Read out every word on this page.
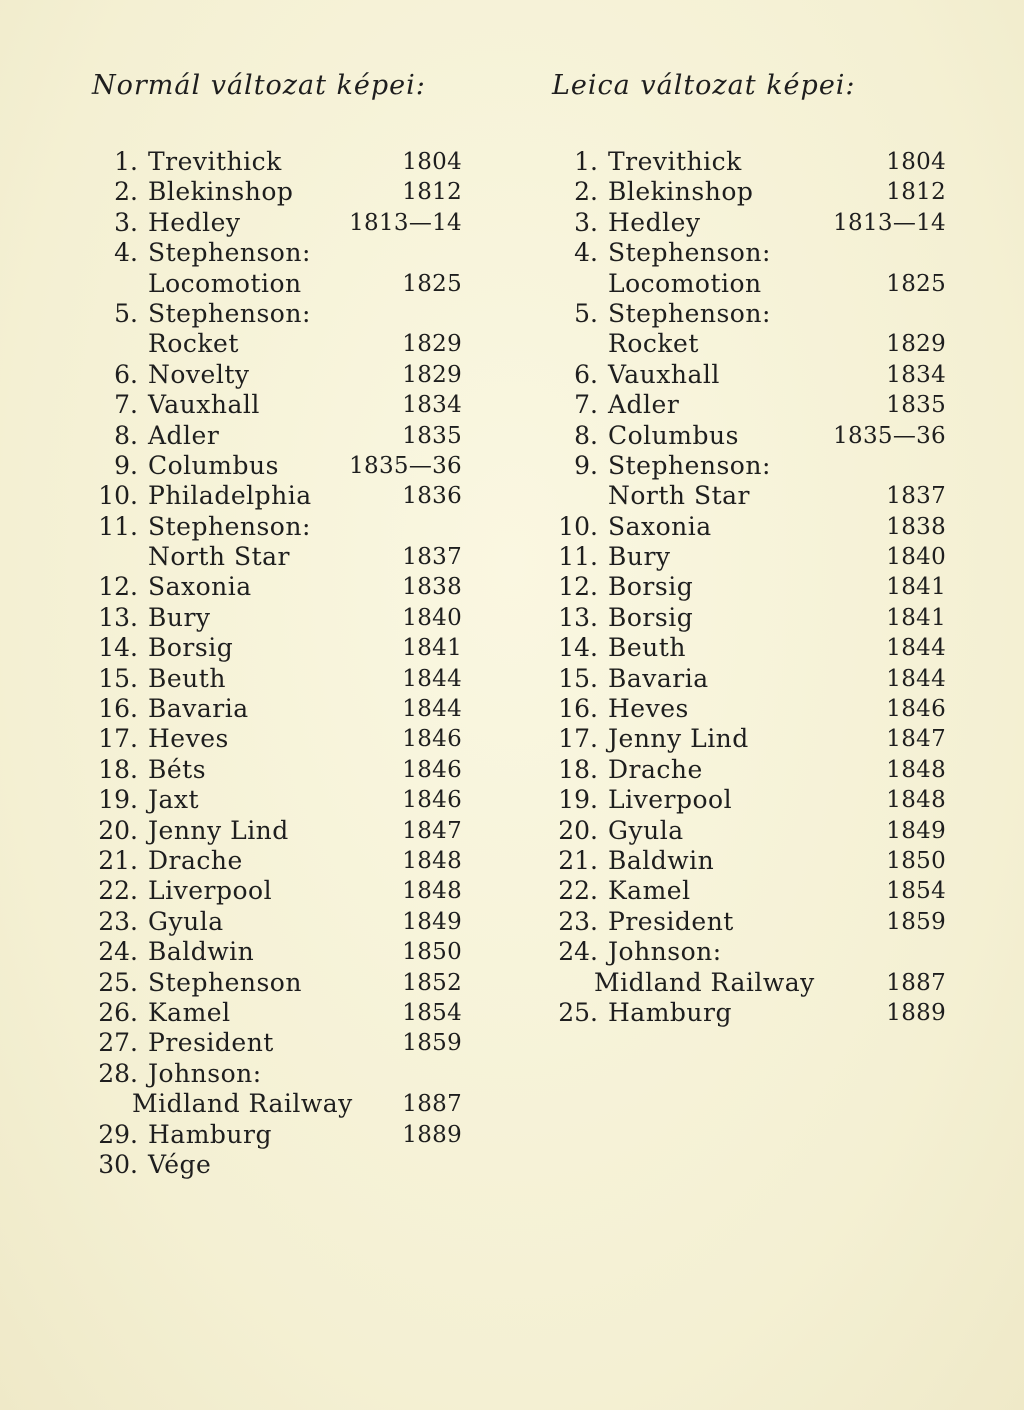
Normál változat képei:
1. Trevithick	1804
2. Blekinshop	1812
3. Hedley	1813—14
4. Stephenson:
Locomotion	1825
5. Stephenson:
Rocket	1829
6. Novelty	1829
7. Vauxhall	1834
8. Adler	1835
9. Columbus	1835—36
10. Philadelphia	1836
11. Stephenson:
North Star	1837
12. Saxonia	1838
13. Bury	1840
14. Borsig	1841
15. Beuth	1844
16. Bavaria	1844
17. Heves	1846
18. Béts	1846
19. Jaxt	1846
20. Jenny Lind	1847
21. Drache	1848
22. Liverpool	1848
23. Gyula	1849
24. Baldwin	1850
25. Stephenson	1852
26. Kamel	1854
27. President	1859
28. Johnson:
Midland Railway 1887
29. Hamburg	1889
30. Vége
Leica változat képei:
1. Trevithick	1804
2. Blekinshop	1812
3. Hedley	1813—14
4. Stephenson:
Locomotion	1825
5. Stephenson:
Rocket	1829
6. Vauxhall	1834
7. Adler	1835
8. Columbus	1835—36
9. Stephenson:
North Star	1837
10. Saxonia	1838
11. Bury	1840
12. Borsig	1841
13. Borsig	1841
14. Beuth	1844
15. Bavaria	1844
16. Heves	1846
17. Jenny Lind	1847
18. Drache	1848
19. Liverpool	1848
20. Gyula	1849
21. Baldwin	1850
22. Kamel	1854
23. President	1859
24. Johnson:
Midland Railway	1887
25. Hamburg	1889
